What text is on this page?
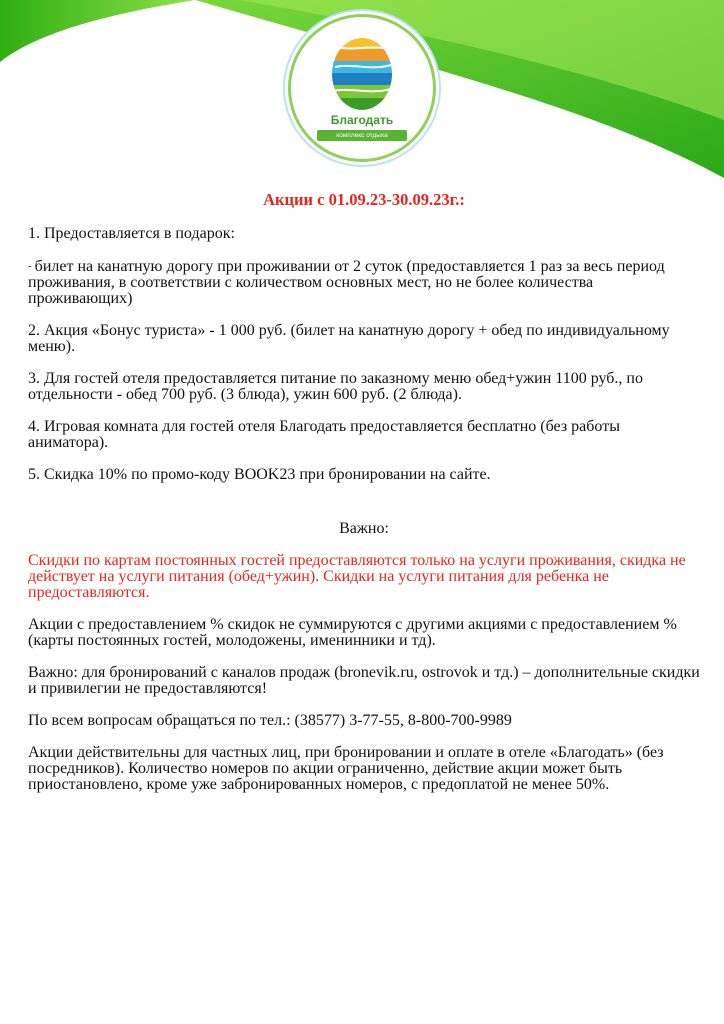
Благодать
комплекс отдыха
Акции с 01.09.23-30.09.23г.:

1. Предоставляется в подарок:

- билет на канатную дорогу при проживании от 2 суток (предоставляется 1 раз за весь период проживания, в соответствии с количеством основных мест, но не более количества проживающих)

2. Акция «Бонус туриста» - 1 000 руб. (билет на канатную дорогу + обед по индивидуальному меню).

3. Для гостей отеля предоставляется питание по заказному меню обед+ужин 1100 руб., по отдельности - обед 700 руб. (3 блюда), ужин 600 руб. (2 блюда).

4. Игровая комната для гостей отеля Благодать предоставляется бесплатно (без работы аниматора).

5. Скидка 10% по промо-коду BOOK23 при бронировании на сайте.

Важно:

Скидки по картам постоянных гостей предоставляются только на услуги проживания, скидка не действует на услуги питания (обед+ужин). Скидки на услуги питания для ребенка не предоставляются.

Акции с предоставлением % скидок не суммируются с другими акциями с предоставлением % (карты постоянных гостей, молодожены, именинники и тд).

Важно: для бронирований с каналов продаж (bronevik.ru, ostrovok и тд.) – дополнительные скидки и привилегии не предоставляются!

По всем вопросам обращаться по тел.: (38577) 3-77-55, 8-800-700-9989

Акции действительны для частных лиц, при бронировании и оплате в отеле «Благодать» (без посредников). Количество номеров по акции ограниченно, действие акции может быть приостановлено, кроме уже забронированных номеров, с предоплатой не менее 50%.
